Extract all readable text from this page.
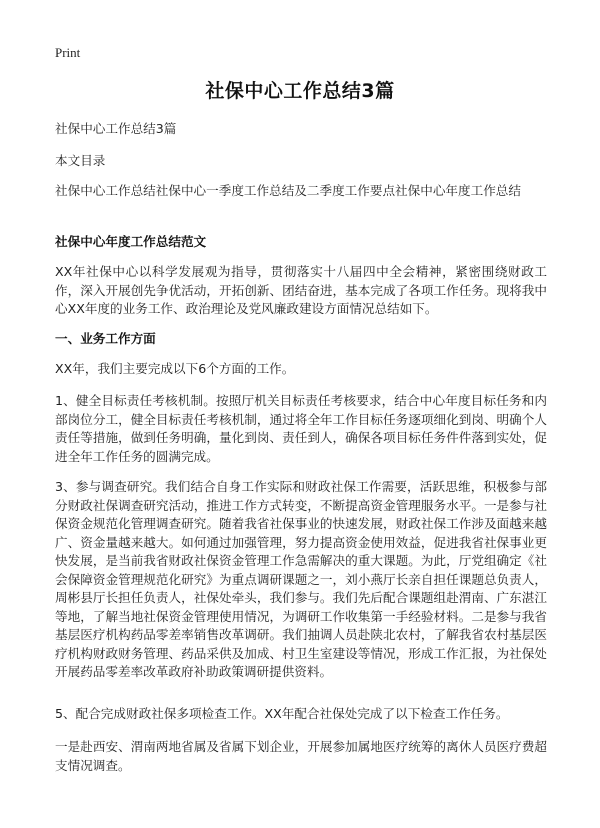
Print
社保中心工作总结3篇

社保中心工作总结3篇

本文目录

社保中心工作总结社保中心一季度工作总结及二季度工作要点社保中心年度工作总结

社保中心年度工作总结范文

XX年社保中心以科学发展观为指导，贯彻落实十八届四中全会精神，紧密围绕财政工作，深入开展创先争优活动，开拓创新、团结奋进，基本完成了各项工作任务。现将我中心XX年度的业务工作、政治理论及党风廉政建设方面情况总结如下。

一、业务工作方面

XX年，我们主要完成以下6个方面的工作。

1、健全目标责任考核机制。按照厅机关目标责任考核要求，结合中心年度目标任务和内部岗位分工，健全目标责任考核机制，通过将全年工作目标任务逐项细化到岗、明确个人责任等措施，做到任务明确，量化到岗、责任到人，确保各项目标任务件件落到实处，促进全年工作任务的圆满完成。

3、参与调查研究。我们结合自身工作实际和财政社保工作需要，活跃思维，积极参与部分财政社保调查研究活动，推进工作方式转变，不断提高资金管理服务水平。一是参与社保资金规范化管理调查研究。随着我省社保事业的快速发展，财政社保工作涉及面越来越广、资金量越来越大。如何通过加强管理，努力提高资金使用效益，促进我省社保事业更快发展，是当前我省财政社保资金管理工作急需解决的重大课题。为此，厅党组确定《社会保障资金管理规范化研究》为重点调研课题之一，刘小燕厅长亲自担任课题总负责人，周彬县厅长担任负责人，社保处牵头，我们参与。我们先后配合课题组赴渭南、广东湛江等地，了解当地社保资金管理使用情况，为调研工作收集第一手经验材料。二是参与我省基层医疗机构药品零差率销售改革调研。我们抽调人员赴陕北农村，了解我省农村基层医疗机构财政财务管理、药品采供及加成、村卫生室建设等情况，形成工作汇报，为社保处开展药品零差率改革政府补助政策调研提供资料。

5、配合完成财政社保多项检查工作。XX年配合社保处完成了以下检查工作任务。

一是赴西安、渭南两地省属及省属下划企业，开展参加属地医疗统筹的离休人员医疗费超支情况调查。
